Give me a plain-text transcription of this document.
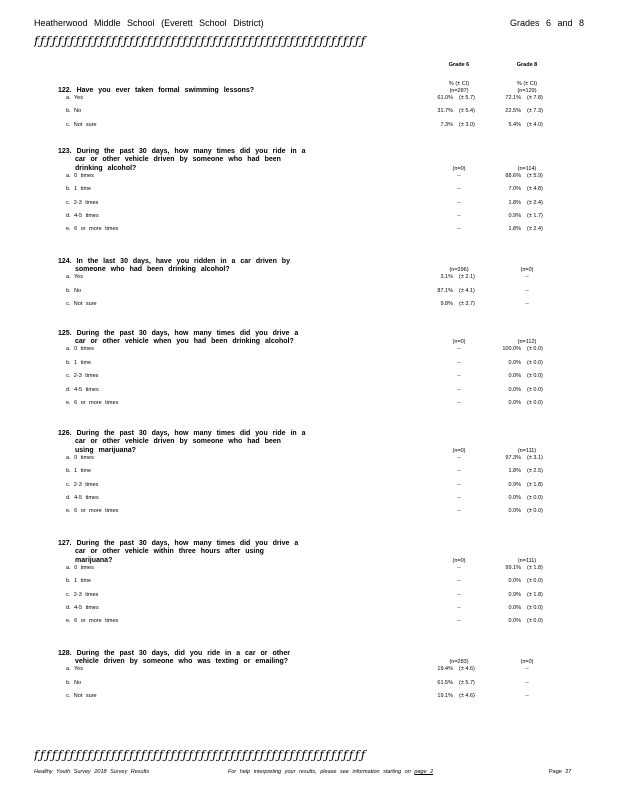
Heatherwood Middle School (Everett School District)	Grades 6 and 8
ƒƒƒƒƒƒƒƒƒƒƒƒƒƒƒƒƒƒƒƒƒƒƒƒƒƒƒƒƒƒƒƒƒƒƒƒƒƒƒƒƒƒƒƒƒƒƒƒƒƒƒƒƒƒƒƒ
Grade 6	Grade 8
% (± CI)	% (± CI)
(n=287)	(n=129)
122. Have you ever taken formal swimming lessons?
a. Yes	61.0% (± 5.7)	72.1% (± 7.8)
b. No	31.7% (± 5.4)	22.5% (± 7.3)
c. Not sure	7.3% (± 3.0)	5.4% (± 4.0)
123. During the past 30 days, how many times did you ride in a
car or other vehicle driven by someone who had been
drinking alcohol?	(n=0)	(n=114)
a. 0 times	--	88.6% (± 5.9)
b. 1 time	--	7.0% (± 4.8)
c. 2-3 times	--	1.8% (± 2.4)
d. 4-5 times	--	0.9% (± 1.7)
e. 6 or more times	--	1.8% (± 2.4)
124. In the last 30 days, have you ridden in a car driven by
someone who had been drinking alcohol?	(n=296)	(n=0)
a. Yes	3.1% (± 2.1)	--
b. No	87.1% (± 4.1)	--
c. Not sure	9.8% (± 3.7)	--
125. During the past 30 days, how many times did you drive a
car or other vehicle when you had been drinking alcohol?	(n=0)	(n=112)
a. 0 times	--	100.0% (± 0.0)
b. 1 time	--	0.0% (± 0.0)
c. 2-3 times	--	0.0% (± 0.0)
d. 4-5 times	--	0.0% (± 0.0)
e. 6 or more times	--	0.0% (± 0.0)
126. During the past 30 days, how many times did you ride in a
car or other vehicle driven by someone who had been
using marijuana?	(n=0)	(n=111)
a. 0 times	--	97.3% (± 3.1)
b. 1 time	--	1.8% (± 2.5)
c. 2-3 times	--	0.9% (± 1.8)
d. 4-5 times	--	0.0% (± 0.0)
e. 6 or more times	--	0.0% (± 0.0)
127. During the past 30 days, how many times did you drive a
car or other vehicle within three hours after using
marijuana?	(n=0)	(n=111)
a. 0 times	--	99.1% (± 1.8)
b. 1 time	--	0.0% (± 0.0)
c. 2-3 times	--	0.9% (± 1.8)
d. 4-5 times	--	0.0% (± 0.0)
e. 6 or more times	--	0.0% (± 0.0)
128. During the past 30 days, did you ride in a car or other
vehicle driven by someone who was texting or emailing?	(n=283)	(n=0)
a. Yes	19.4% (± 4.6)	--
b. No	61.5% (± 5.7)	--
c. Not sure	19.1% (± 4.6)	--
ƒƒƒƒƒƒƒƒƒƒƒƒƒƒƒƒƒƒƒƒƒƒƒƒƒƒƒƒƒƒƒƒƒƒƒƒƒƒƒƒƒƒƒƒƒƒƒƒƒƒƒƒƒƒƒƒ
Healthy Youth Survey 2018 Survey Results	For help interpreting your results, please see information starting on page 2	Page 27
